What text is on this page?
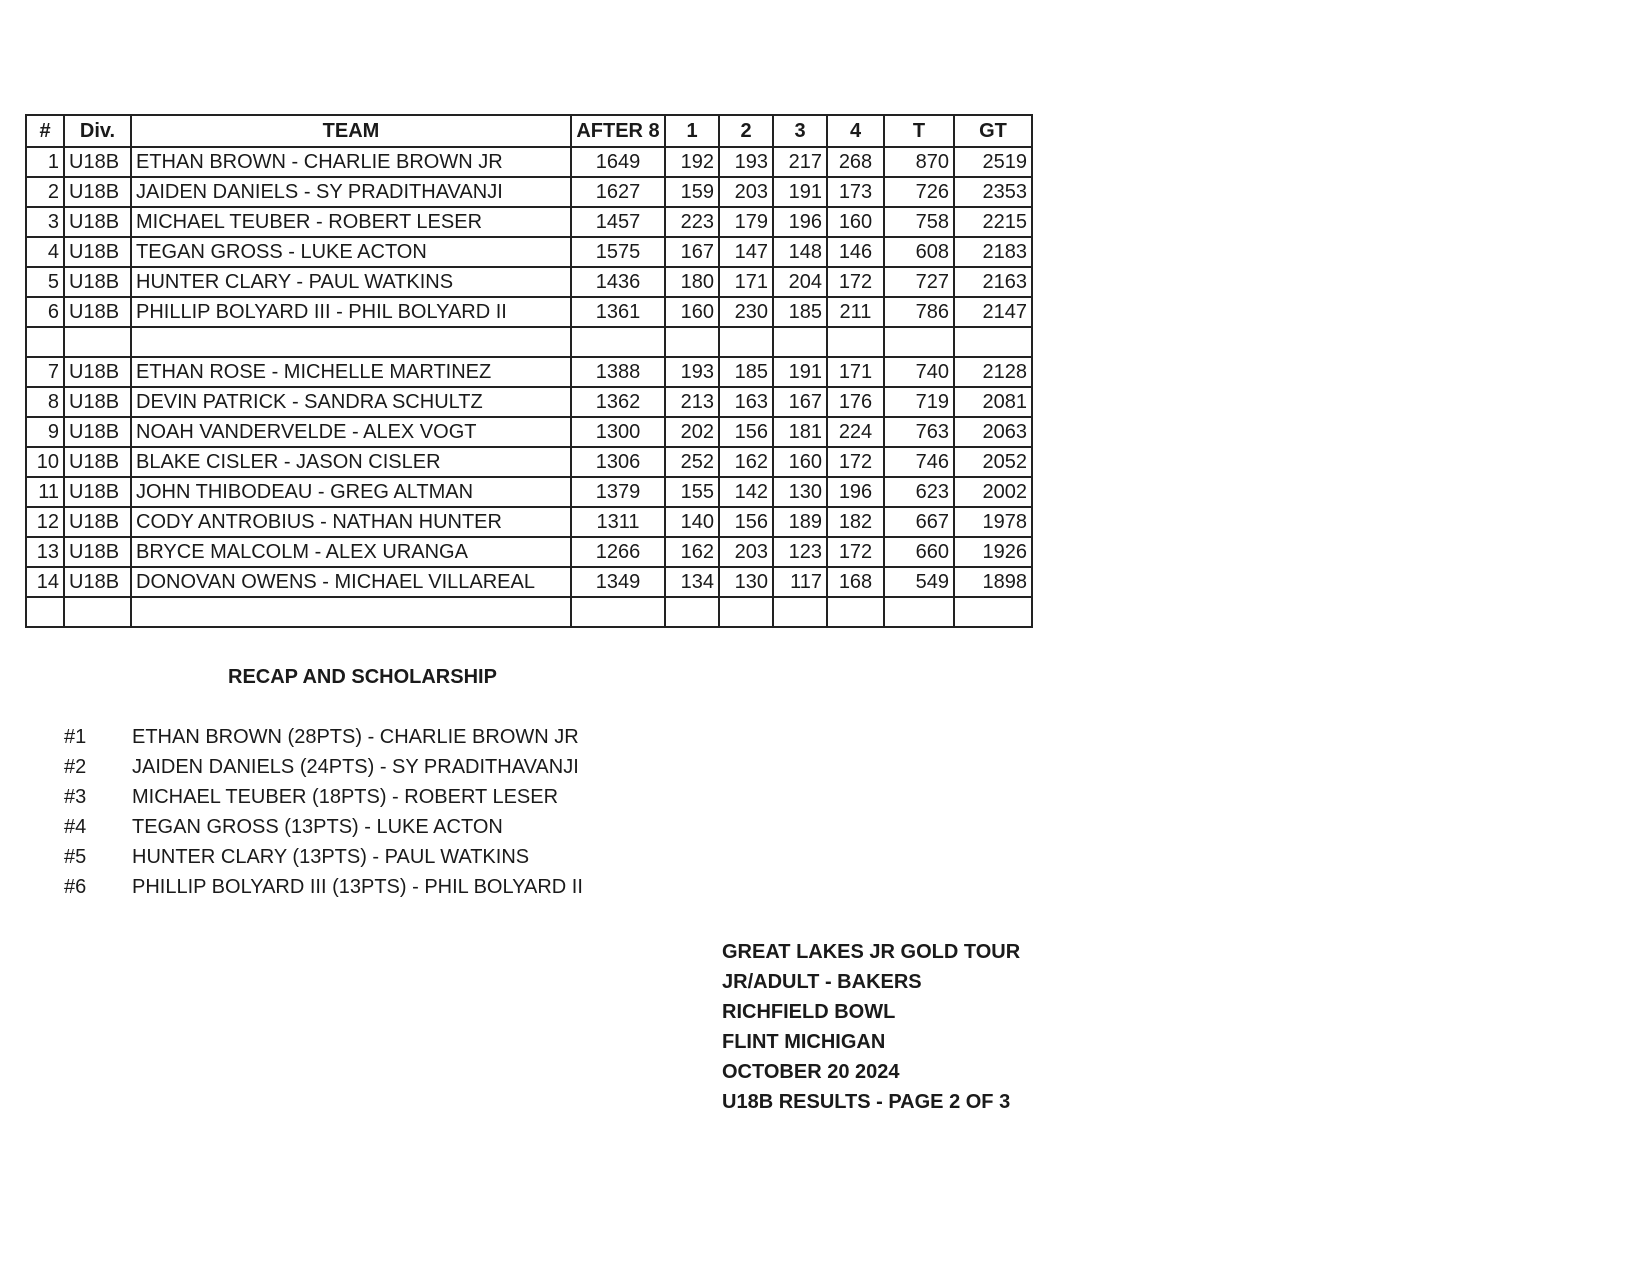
#	Div.	TEAM	AFTER 8	1	2	3	4	T	GT
1	U18B	ETHAN BROWN - CHARLIE BROWN JR	1649	192	193	217	268	870	2519
2	U18B	JAIDEN DANIELS - SY PRADITHAVANJI	1627	159	203	191	173	726	2353
3	U18B	MICHAEL TEUBER - ROBERT LESER	1457	223	179	196	160	758	2215
4	U18B	TEGAN GROSS - LUKE ACTON	1575	167	147	148	146	608	2183
5	U18B	HUNTER CLARY - PAUL WATKINS	1436	180	171	204	172	727	2163
6	U18B	PHILLIP BOLYARD III - PHIL BOLYARD II	1361	160	230	185	211	786	2147

7	U18B	ETHAN ROSE - MICHELLE MARTINEZ	1388	193	185	191	171	740	2128
8	U18B	DEVIN PATRICK - SANDRA SCHULTZ	1362	213	163	167	176	719	2081
9	U18B	NOAH VANDERVELDE - ALEX VOGT	1300	202	156	181	224	763	2063
10	U18B	BLAKE CISLER - JASON CISLER	1306	252	162	160	172	746	2052
11	U18B	JOHN THIBODEAU - GREG ALTMAN	1379	155	142	130	196	623	2002
12	U18B	CODY ANTROBIUS - NATHAN HUNTER	1311	140	156	189	182	667	1978
13	U18B	BRYCE MALCOLM - ALEX URANGA	1266	162	203	123	172	660	1926
14	U18B	DONOVAN OWENS - MICHAEL VILLAREAL	1349	134	130	117	168	549	1898

RECAP AND SCHOLARSHIP
#1 ETHAN BROWN (28PTS) - CHARLIE BROWN JR
#2 JAIDEN DANIELS (24PTS) - SY PRADITHAVANJI
#3 MICHAEL TEUBER (18PTS) - ROBERT LESER
#4 TEGAN GROSS (13PTS) - LUKE ACTON
#5 HUNTER CLARY (13PTS) - PAUL WATKINS
#6 PHILLIP BOLYARD III (13PTS) - PHIL BOLYARD II
GREAT LAKES JR GOLD TOUR
JR/ADULT - BAKERS
RICHFIELD BOWL
FLINT MICHIGAN
OCTOBER 20 2024
U18B RESULTS - PAGE 2 OF 3
